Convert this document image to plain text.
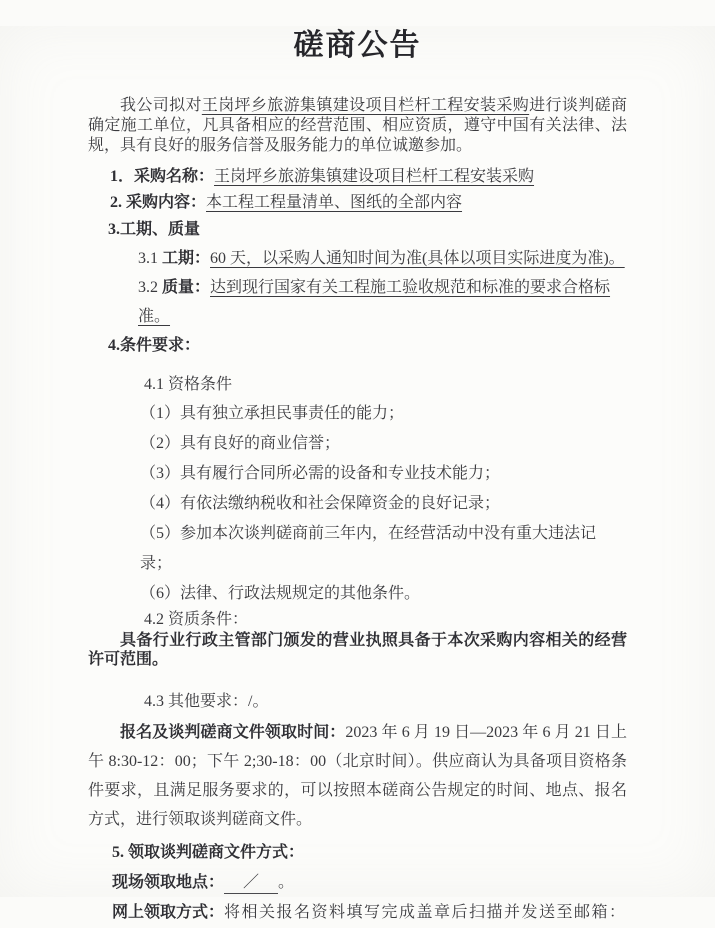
磋商公告

我公司拟对王岗坪乡旅游集镇建设项目栏杆工程安装采购进行谈判磋商确定施工单位，凡具备相应的经营范围、相应资质，遵守中国有关法律、法规，具有良好的服务信誉及服务能力的单位诚邀参加。

1．采购名称：王岗坪乡旅游集镇建设项目栏杆工程安装采购

2. 采购内容：本工程工程量清单、图纸的全部内容

3.工期、质量

3.1 工期：60 天，以采购人通知时间为准(具体以项目实际进度为准)。

3.2 质量：达到现行国家有关工程施工验收规范和标准的要求合格标准。

4.条件要求：

4.1 资格条件

（1）具有独立承担民事责任的能力；

（2）具有良好的商业信誉；

（3）具有履行合同所必需的设备和专业技术能力；

（4）有依法缴纳税收和社会保障资金的良好记录；

（5）参加本次谈判磋商前三年内，在经营活动中没有重大违法记录；

（6）法律、行政法规规定的其他条件。

4.2 资质条件：

具备行业行政主管部门颁发的营业执照具备于本次采购内容相关的经营许可范围。

4.3 其他要求：/。

报名及谈判磋商文件领取时间：2023 年 6 月 19 日—2023 年 6 月 21 日上午 8:30-12：00；下午 2;30-18：00（北京时间）。供应商认为具备项目资格条件要求，且满足服务要求的，可以按照本磋商公告规定的时间、地点、报名方式，进行领取谈判磋商文件。

5. 领取谈判磋商文件方式：

现场领取地点： ／ 。

网上领取方式：将相关报名资料填写完成盖章后扫描并发送至邮箱：
